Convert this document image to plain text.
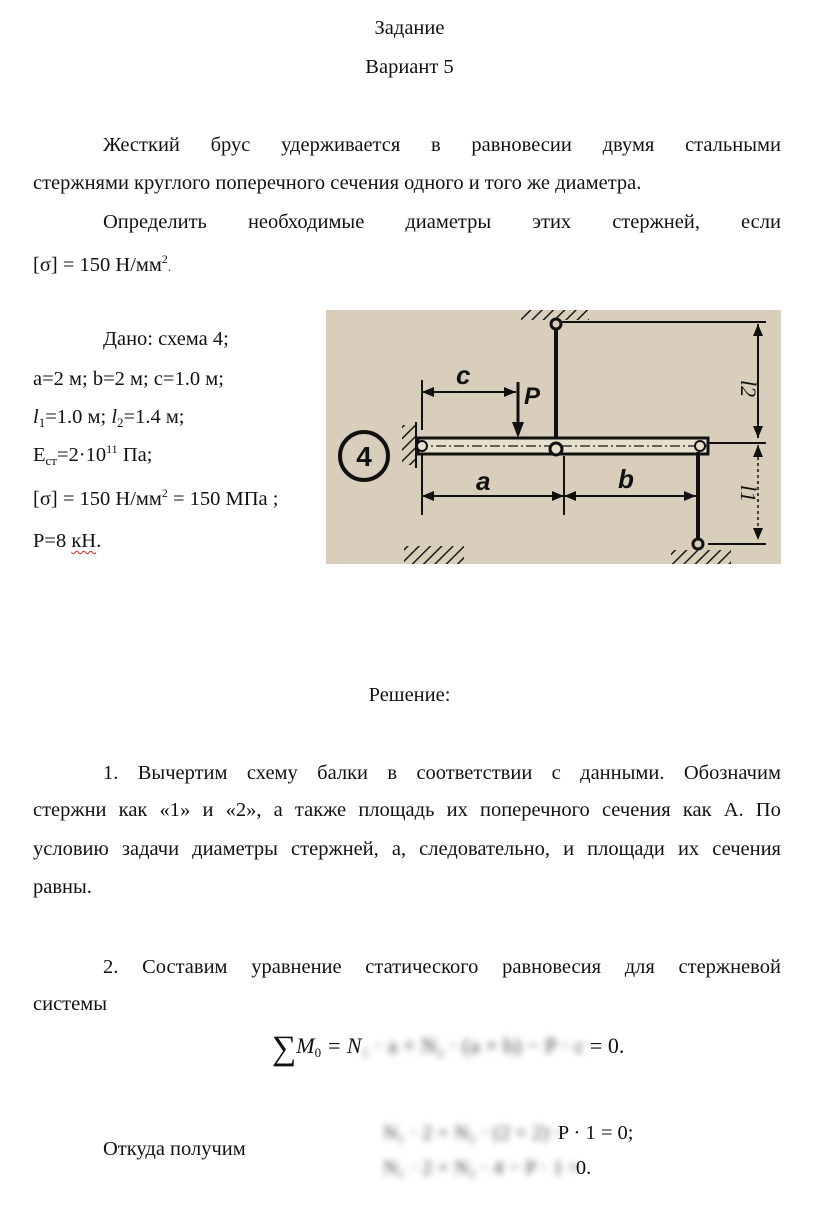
Задание
Вариант 5
Жесткий брус удерживается в равновесии двумя стальными
стержнями круглого поперечного сечения одного и того же диаметра.
Определить необходимые диаметры этих стержней, если
[σ] = 150 $Н/мм^2$.
Дано: схема 4;
a=2 м; b=2 м; c=1.0 м;
$l_1=1.0$ м; $l_2=1.4$ м;
$E_{ст}=2\cdot 10^{11}$ Па;
[σ] = 150 $Н/мм^2 = 150$ МПа ;
P=8 кН.
l2
l1
4
c
P
a	b
Решение:
1. Вычертим схему балки в соответствии с данными. Обозначим
стержни как «1» и «2», а также площадь их поперечного сечения как А. По
условию задачи диаметры стержней, а, следовательно, и площади их сечения
равны.
2. Составим уравнение статического равновесия для стержневой
системы
$\sum M_0 = N_1 \cdot a + N_2 \cdot (a + b) - P \cdot c = 0$.
Откуда получим
N₁ · 2 + N₂ · (2 + 2) −P · 1 = 0;
N₁ · 2 + N₂ · 4 − P · 1 =0.
